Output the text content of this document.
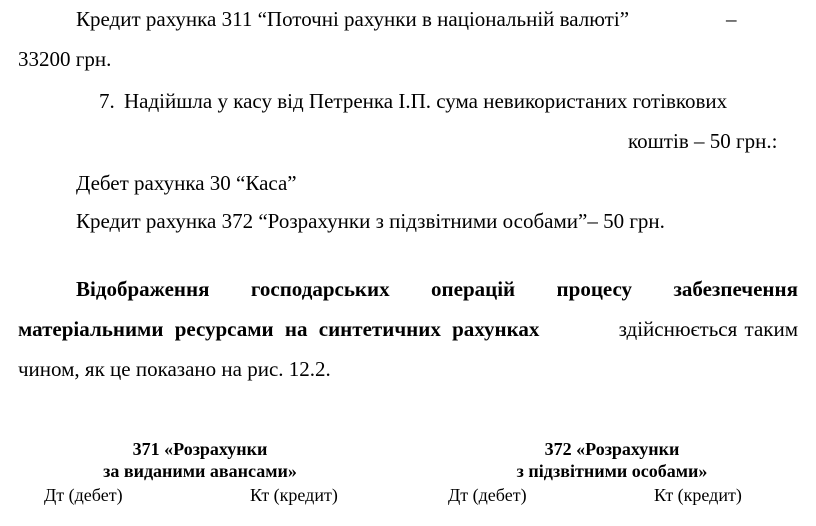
Кредит рахунка 311 “Поточні рахунки в національній валюті”	–
33200 грн.
7. Надійшла у касу від Петренка І.П. сума невикористаних готівкових
коштів – 50 грн.:
Дебет рахунка 30 “Каса”
Кредит рахунка 372 “Розрахунки з підзвітними особами”– 50 грн.
Відображення господарських операцій процесу забезпечення
матеріальними ресурсами на синтетичних рахунках	здійснюється таким
чином, як це показано на рис. 12.2.
371 «Розрахунки
за виданими авансами»
Дт (дебет)	Кт (кредит)
372 «Розрахунки
з підзвітними особами»
Дт (дебет)	Кт (кредит)
